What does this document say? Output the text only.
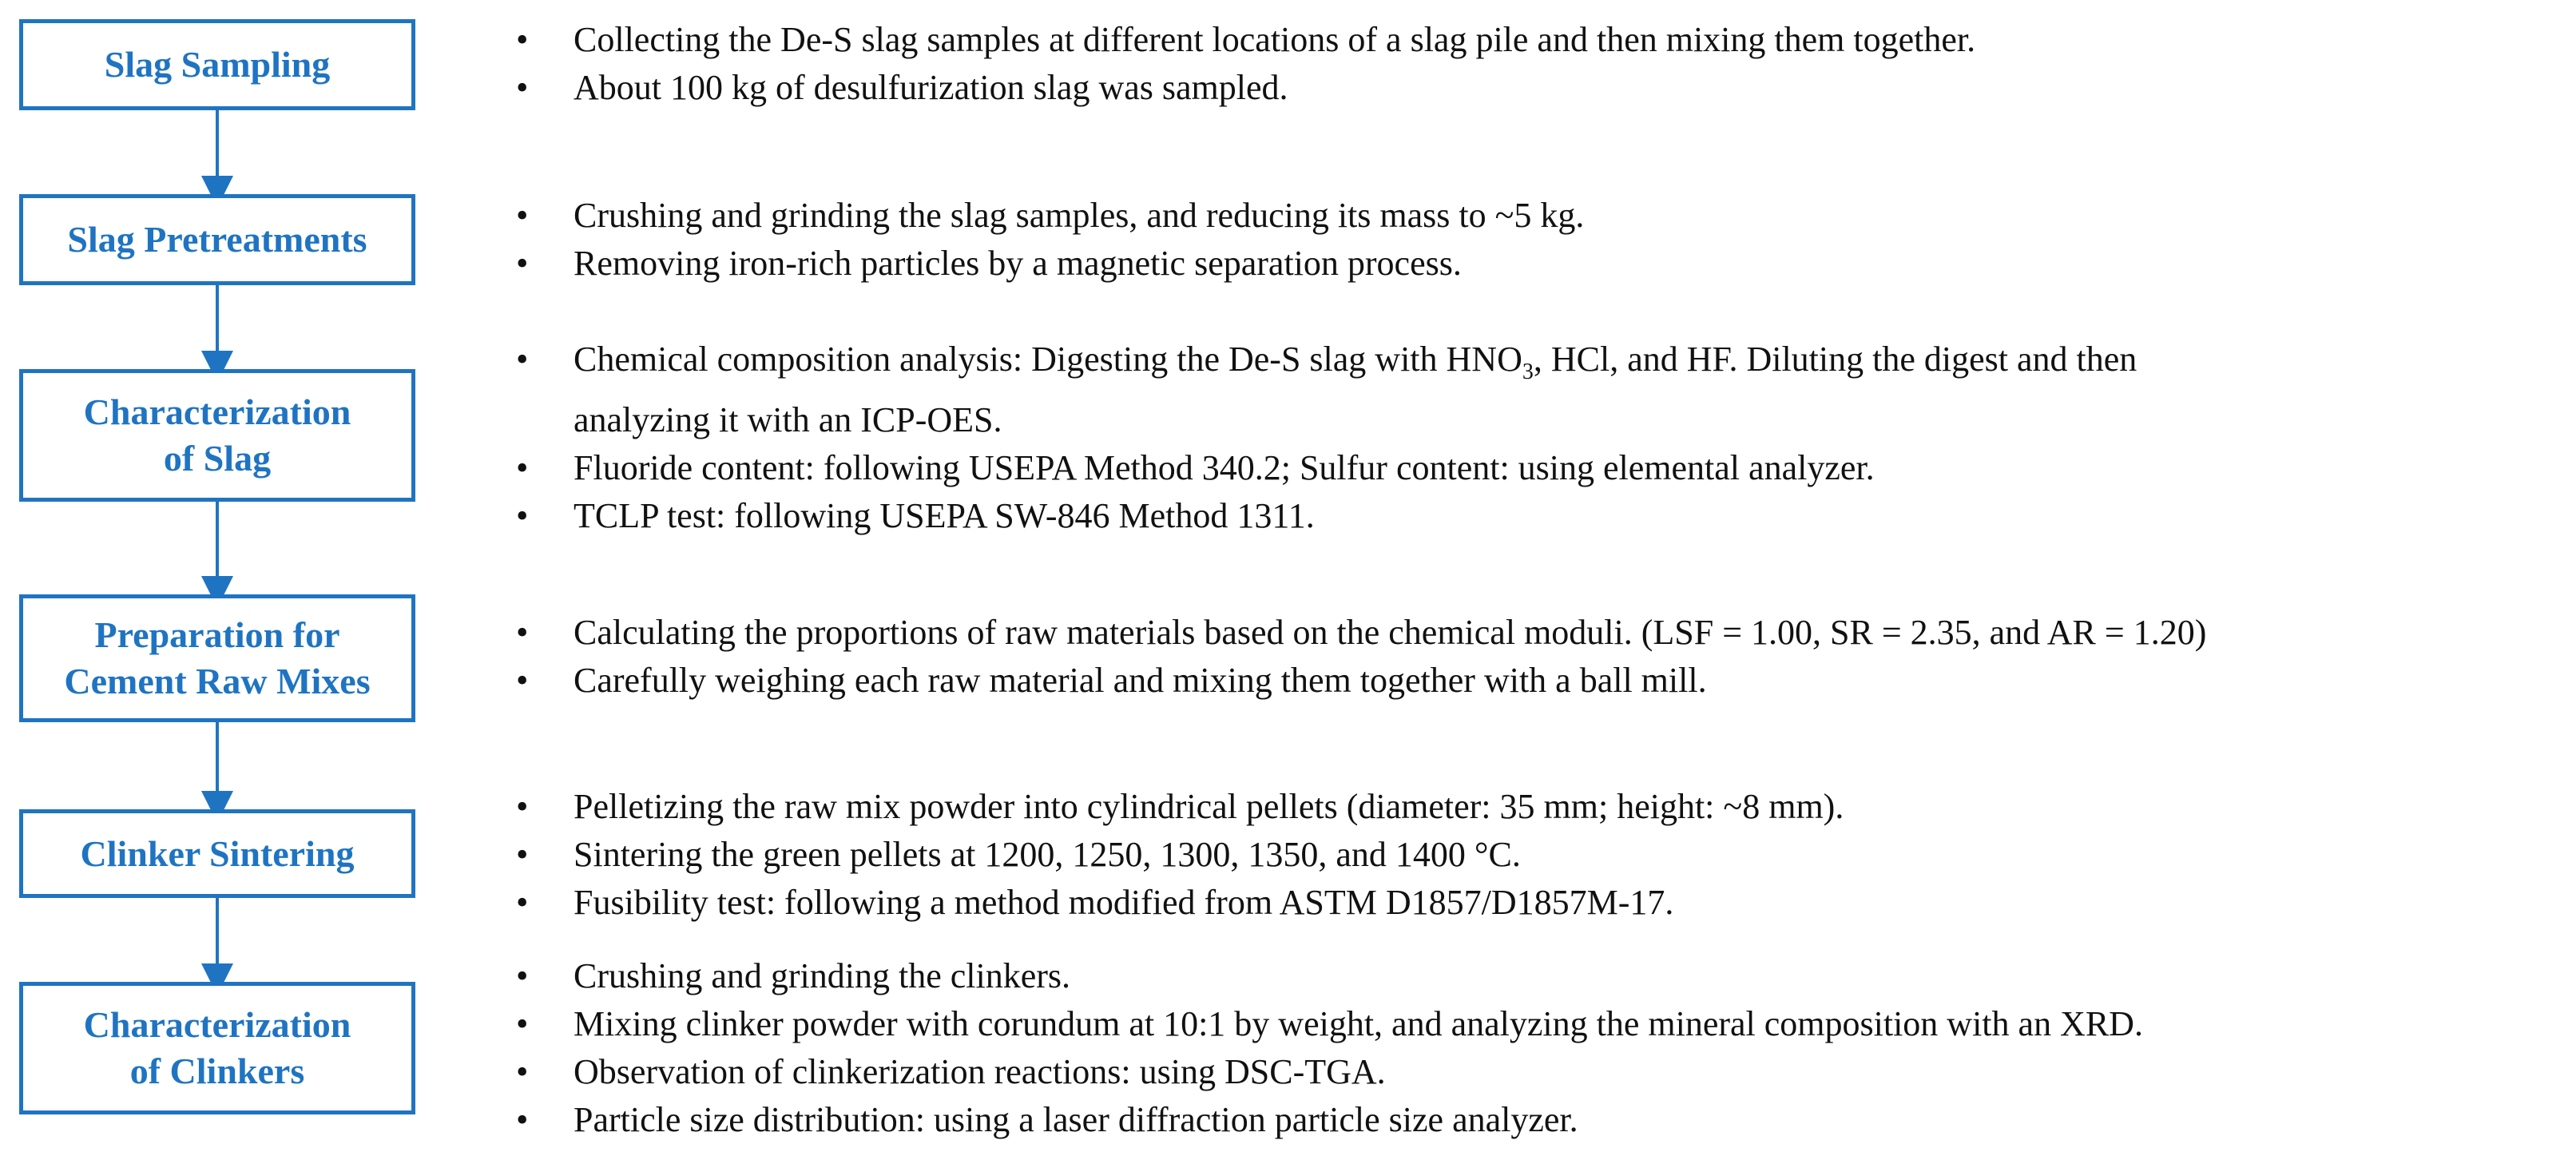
Slag Sampling
Slag Pretreatments
Characterization
of Slag
Preparation for
Cement Raw Mixes
Clinker Sintering
Characterization
of Clinkers
•	Collecting the De-S slag samples at different locations of a slag pile and then mixing them together.
•	About 100 kg of desulfurization slag was sampled.
•	Crushing and grinding the slag samples, and reducing its mass to ~5 kg.
•	Removing iron-rich particles by a magnetic separation process.
•	Chemical composition analysis: Digesting the De-S slag with $HNO_3$, HCl, and HF. Diluting the digest and then
analyzing it with an ICP-OES.
•	Fluoride content: following USEPA Method 340.2; Sulfur content: using elemental analyzer.
•	TCLP test: following USEPA SW-846 Method 1311.
•	Calculating the proportions of raw materials based on the chemical moduli. (LSF = 1.00, SR = 2.35, and AR = 1.20)
•	Carefully weighing each raw material and mixing them together with a ball mill.
•	Pelletizing the raw mix powder into cylindrical pellets (diameter: 35 mm; height: ~8 mm).
•	Sintering the green pellets at 1200, 1250, 1300, 1350, and 1400 °C.
•	Fusibility test: following a method modified from ASTM D1857/D1857M-17.
•	Crushing and grinding the clinkers.
•	Mixing clinker powder with corundum at 10:1 by weight, and analyzing the mineral composition with an XRD.
•	Observation of clinkerization reactions: using DSC-TGA.
•	Particle size distribution: using a laser diffraction particle size analyzer.
